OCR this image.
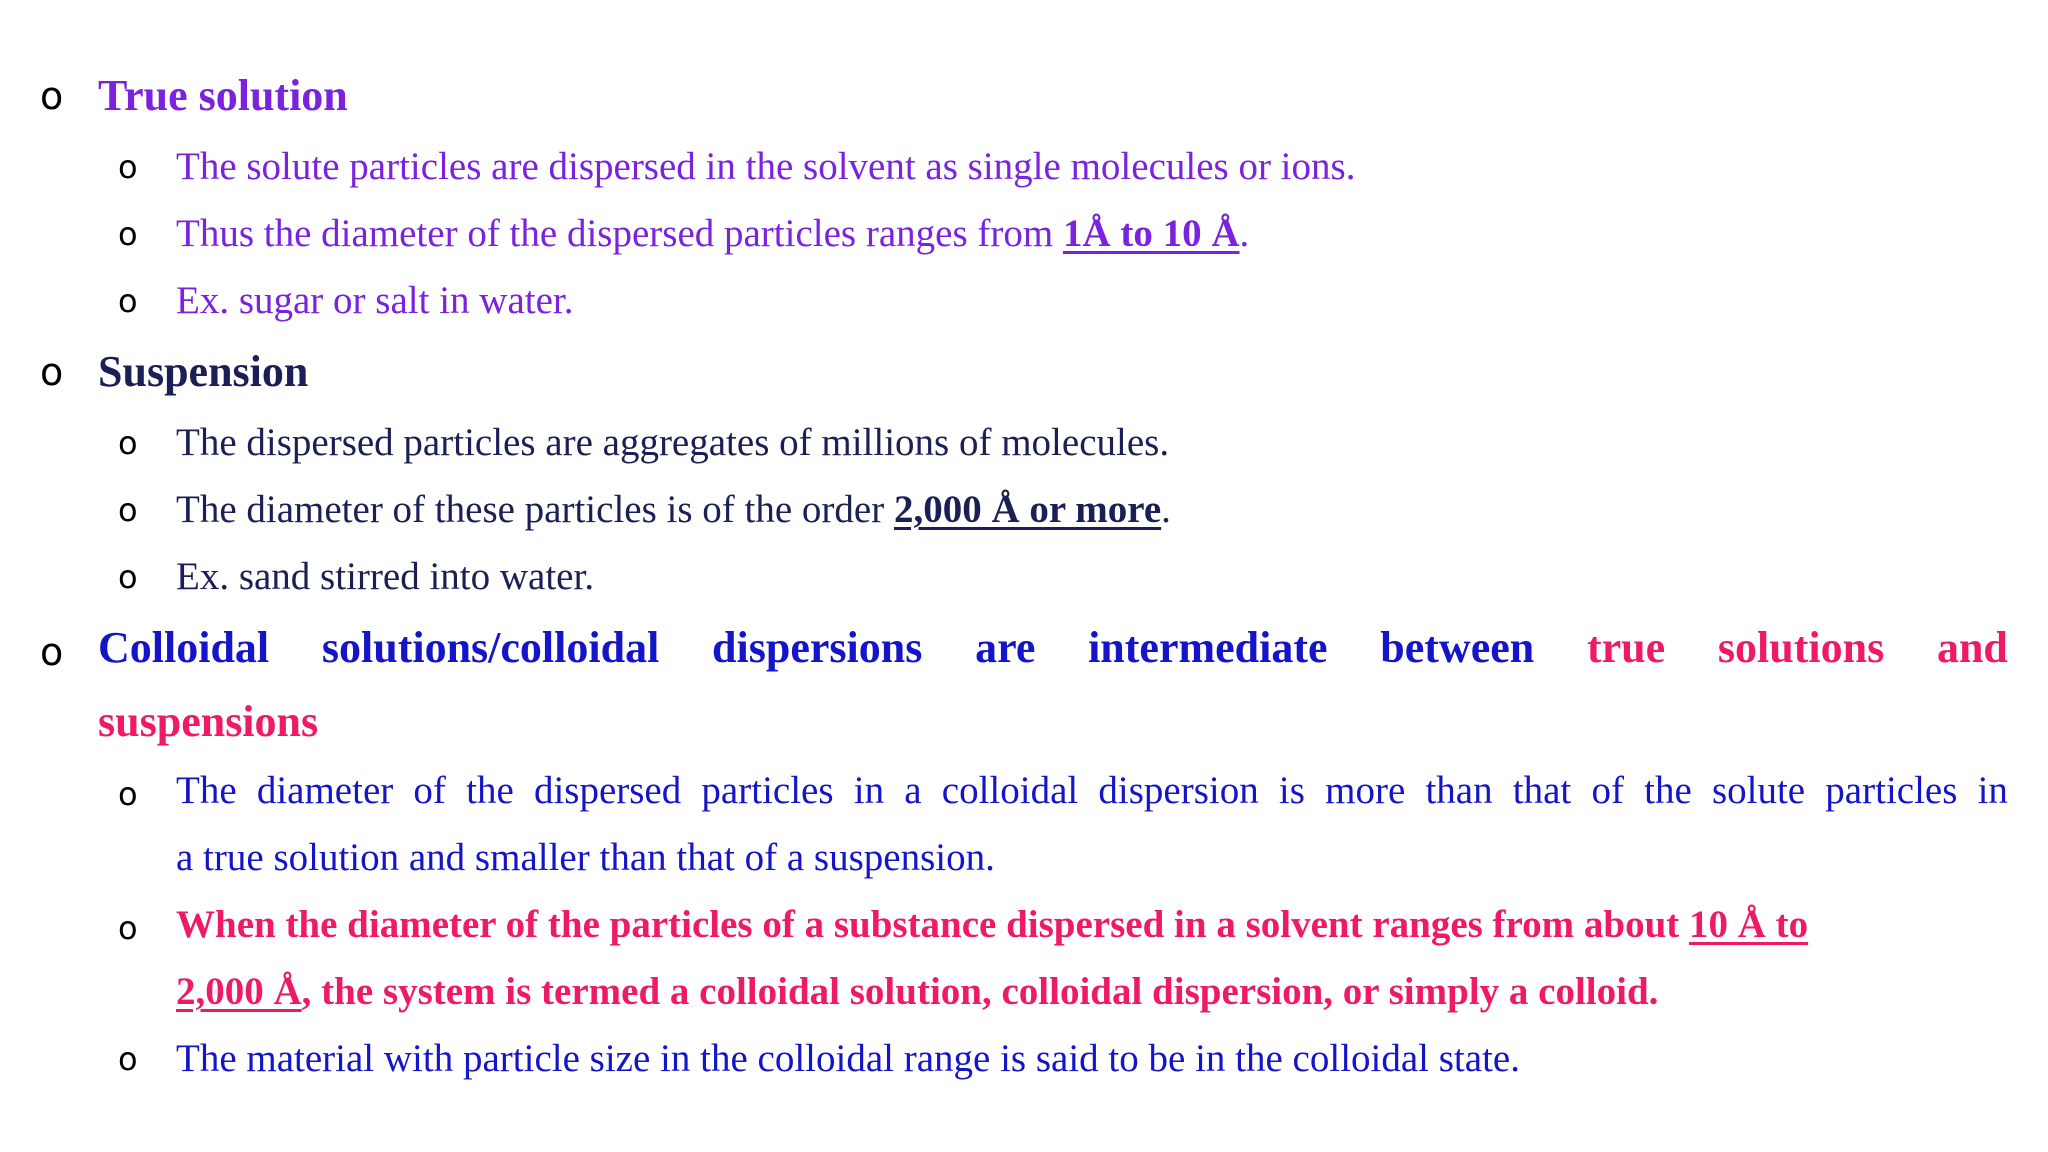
o True solution
o The solute particles are dispersed in the solvent as single molecules or ions.
o Thus the diameter of the dispersed particles ranges from 1Å to 10 Å.
o Ex. sugar or salt in water.
o Suspension
o The dispersed particles are aggregates of millions of molecules.
o The diameter of these particles is of the order 2,000 Å or more.
o Ex. sand stirred into water.
o Colloidal solutions/colloidal dispersions are intermediate between true solutions and
suspensions
o The diameter of the dispersed particles in a colloidal dispersion is more than that of the solute particles in
a true solution and smaller than that of a suspension.
o When the diameter of the particles of a substance dispersed in a solvent ranges from about 10 Å to
2,000 Å, the system is termed a colloidal solution, colloidal dispersion, or simply a colloid.
o The material with particle size in the colloidal range is said to be in the colloidal state.
